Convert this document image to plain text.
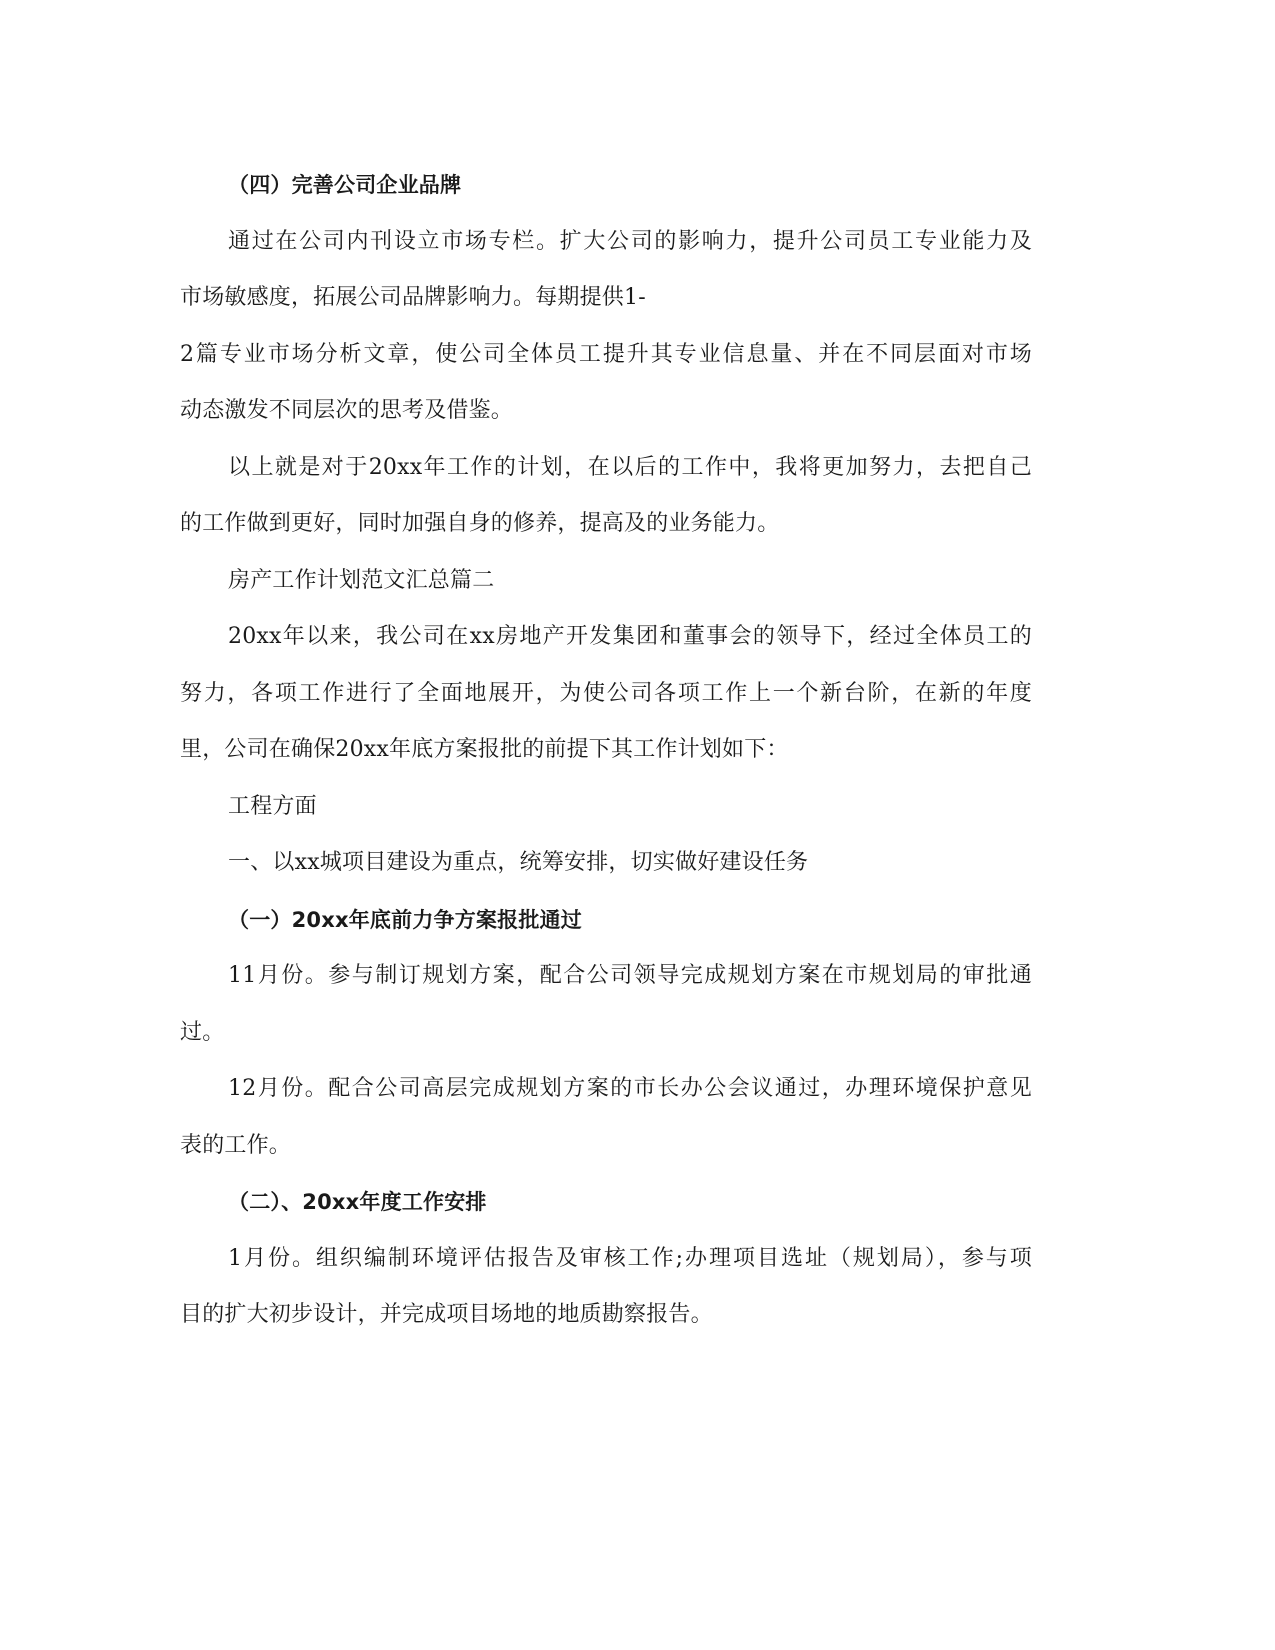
（四）完善公司企业品牌
通过在公司内刊设立市场专栏。扩大公司的影响力，提升公司员工专业能力及
市场敏感度，拓展公司品牌影响力。每期提供1-
2篇专业市场分析文章，使公司全体员工提升其专业信息量、并在不同层面对市场
动态激发不同层次的思考及借鉴。
以上就是对于20xx年工作的计划，在以后的工作中，我将更加努力，去把自己
的工作做到更好，同时加强自身的修养，提高及的业务能力。
房产工作计划范文汇总篇二
20xx年以来，我公司在xx房地产开发集团和董事会的领导下，经过全体员工的
努力，各项工作进行了全面地展开，为使公司各项工作上一个新台阶，在新的年度
里，公司在确保20xx年底方案报批的前提下其工作计划如下：
工程方面
一、以xx城项目建设为重点，统筹安排，切实做好建设任务
（一）20xx年底前力争方案报批通过
11月份。参与制订规划方案，配合公司领导完成规划方案在市规划局的审批通
过。
12月份。配合公司高层完成规划方案的市长办公会议通过，办理环境保护意见
表的工作。
（二）、20xx年度工作安排
1月份。组织编制环境评估报告及审核工作;办理项目选址（规划局），参与项
目的扩大初步设计，并完成项目场地的地质勘察报告。
